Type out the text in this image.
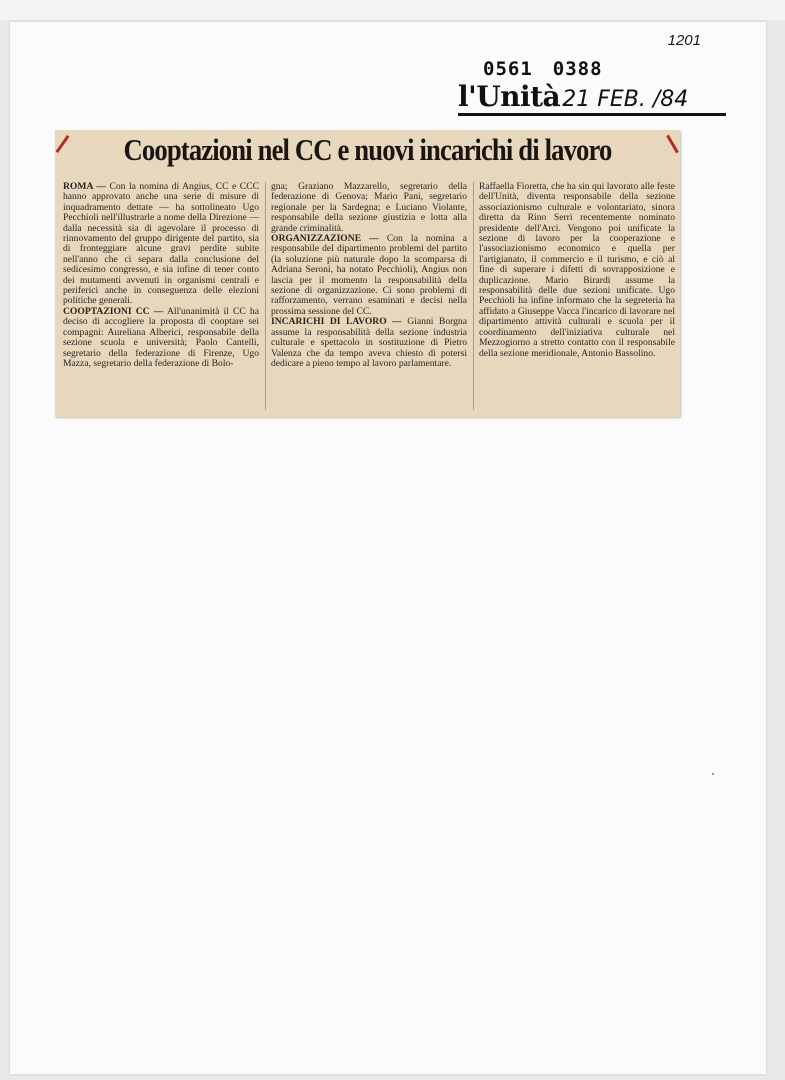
1201
0561 0388
l'Unità21 FEB. /84
Cooptazioni nel CC e nuovi incarichi di lavoro

ROMA — Con la nomina di Angius, CC e CCC hanno approvato anche una serie di misure di inquadramento dettate — ha sottolineato Ugo Pecchioli nell'illustrarle a nome della Direzione — dalla necessità sia di agevolare il processo di rinnovamento del gruppo dirigente del partito, sia di fronteggiare alcune gravi perdite subite nell'anno che ci separa dalla conclusione del sedicesimo congresso, e sia infine di tener conto dei mutamenti avvenuti in organismi centrali e periferici anche in conseguenza delle elezioni politiche generali.

COOPTAZIONI CC — All'unanimità il CC ha deciso di accogliere la proposta di cooptare sei compagni: Aureliana Alberici, responsabile della sezione scuola e università; Paolo Cantelli, segretario della federazione di Firenze, Ugo Mazza, segretario della federazione di Bolo-

gna; Graziano Mazzarello, segretario della federazione di Genova; Mario Pani, segretario regionale per la Sardegna; e Luciano Violante, responsabile della sezione giustizia e lotta alla grande criminalità.

ORGANIZZAZIONE — Con la nomina a responsabile del dipartimento problemi del partito (la soluzione più naturale dopo la scomparsa di Adriana Seroni, ha notato Pecchioli), Angius non lascia per il momento la responsabilità della sezione di organizzazione. Ci sono problemi di rafforzamento, verrano esaminati e decisi nella prossima sessione del CC.

INCARICHI DI LAVORO — Gianni Borgna assume la responsabilità della sezione industria culturale e spettacolo in sostituzione di Pietro Valenza che da tempo aveva chiesto di potersi dedicare a pieno tempo al lavoro parlamentare.

Raffaella Fioretta, che ha sin qui lavorato alle feste dell'Unità, diventa responsabile della sezione associazionismo culturale e volontariato, sinora diretta da Rino Serri recentemente nominato presidente dell'Arci. Vengono poi unificate la sezione di lavoro per la cooperazione e l'associazionismo economico e quella per l'artigianato, il commercio e il turismo, e ciò al fine di superare i difetti di sovrapposizione e duplicazione. Mario Birardi assume la responsabilità delle due sezioni unificate. Ugo Pecchioli ha infine informato che la segreteria ha affidato a Giuseppe Vacca l'incarico di lavorare nel dipartimento attività culturali e scuola per il coordinamento dell'iniziativa culturale nel Mezzogiorno a stretto contatto con il responsabile della sezione meridionale, Antonio Bassolino.
